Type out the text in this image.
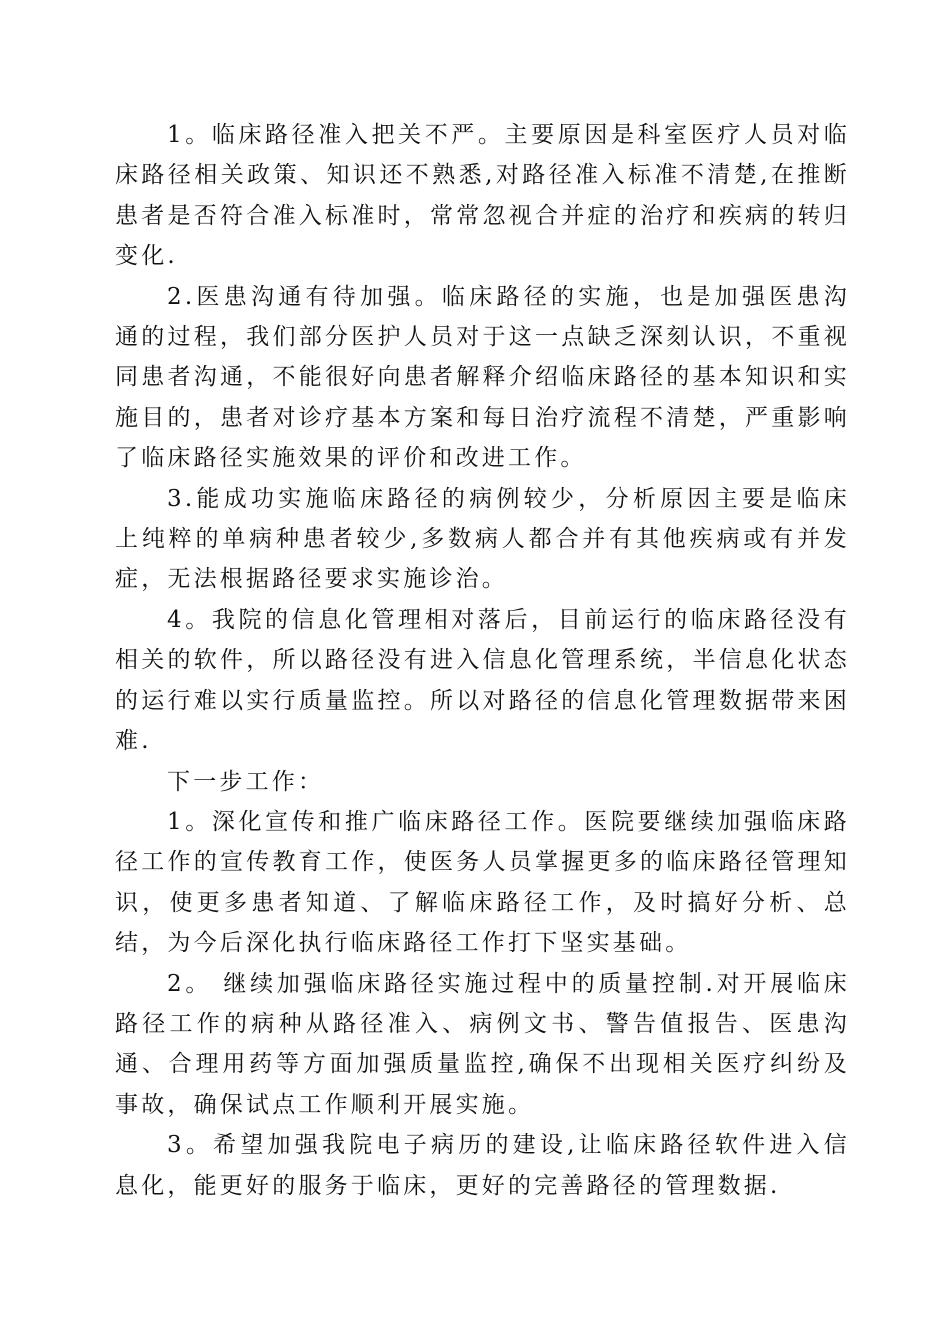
1。临床路径准入把关不严。主要原因是科室医疗人员对临床路径相关政策、知识还不熟悉,对路径准入标准不清楚,在推断患者是否符合准入标准时，常常忽视合并症的治疗和疾病的转归变化.

2.医患沟通有待加强。临床路径的实施，也是加强医患沟通的过程，我们部分医护人员对于这一点缺乏深刻认识，不重视同患者沟通，不能很好向患者解释介绍临床路径的基本知识和实施目的，患者对诊疗基本方案和每日治疗流程不清楚，严重影响了临床路径实施效果的评价和改进工作。

3.能成功实施临床路径的病例较少，分析原因主要是临床上纯粹的单病种患者较少,多数病人都合并有其他疾病或有并发症，无法根据路径要求实施诊治。

4。我院的信息化管理相对落后，目前运行的临床路径没有相关的软件，所以路径没有进入信息化管理系统，半信息化状态的运行难以实行质量监控。所以对路径的信息化管理数据带来困难.

下一步工作：

1。深化宣传和推广临床路径工作。医院要继续加强临床路径工作的宣传教育工作，使医务人员掌握更多的临床路径管理知识，使更多患者知道、了解临床路径工作，及时搞好分析、总结，为今后深化执行临床路径工作打下坚实基础。

2。 继续加强临床路径实施过程中的质量控制.对开展临床路径工作的病种从路径准入、病例文书、警告值报告、医患沟通、合理用药等方面加强质量监控,确保不出现相关医疗纠纷及事故，确保试点工作顺利开展实施。

3。希望加强我院电子病历的建设,让临床路径软件进入信息化，能更好的服务于临床，更好的完善路径的管理数据.
